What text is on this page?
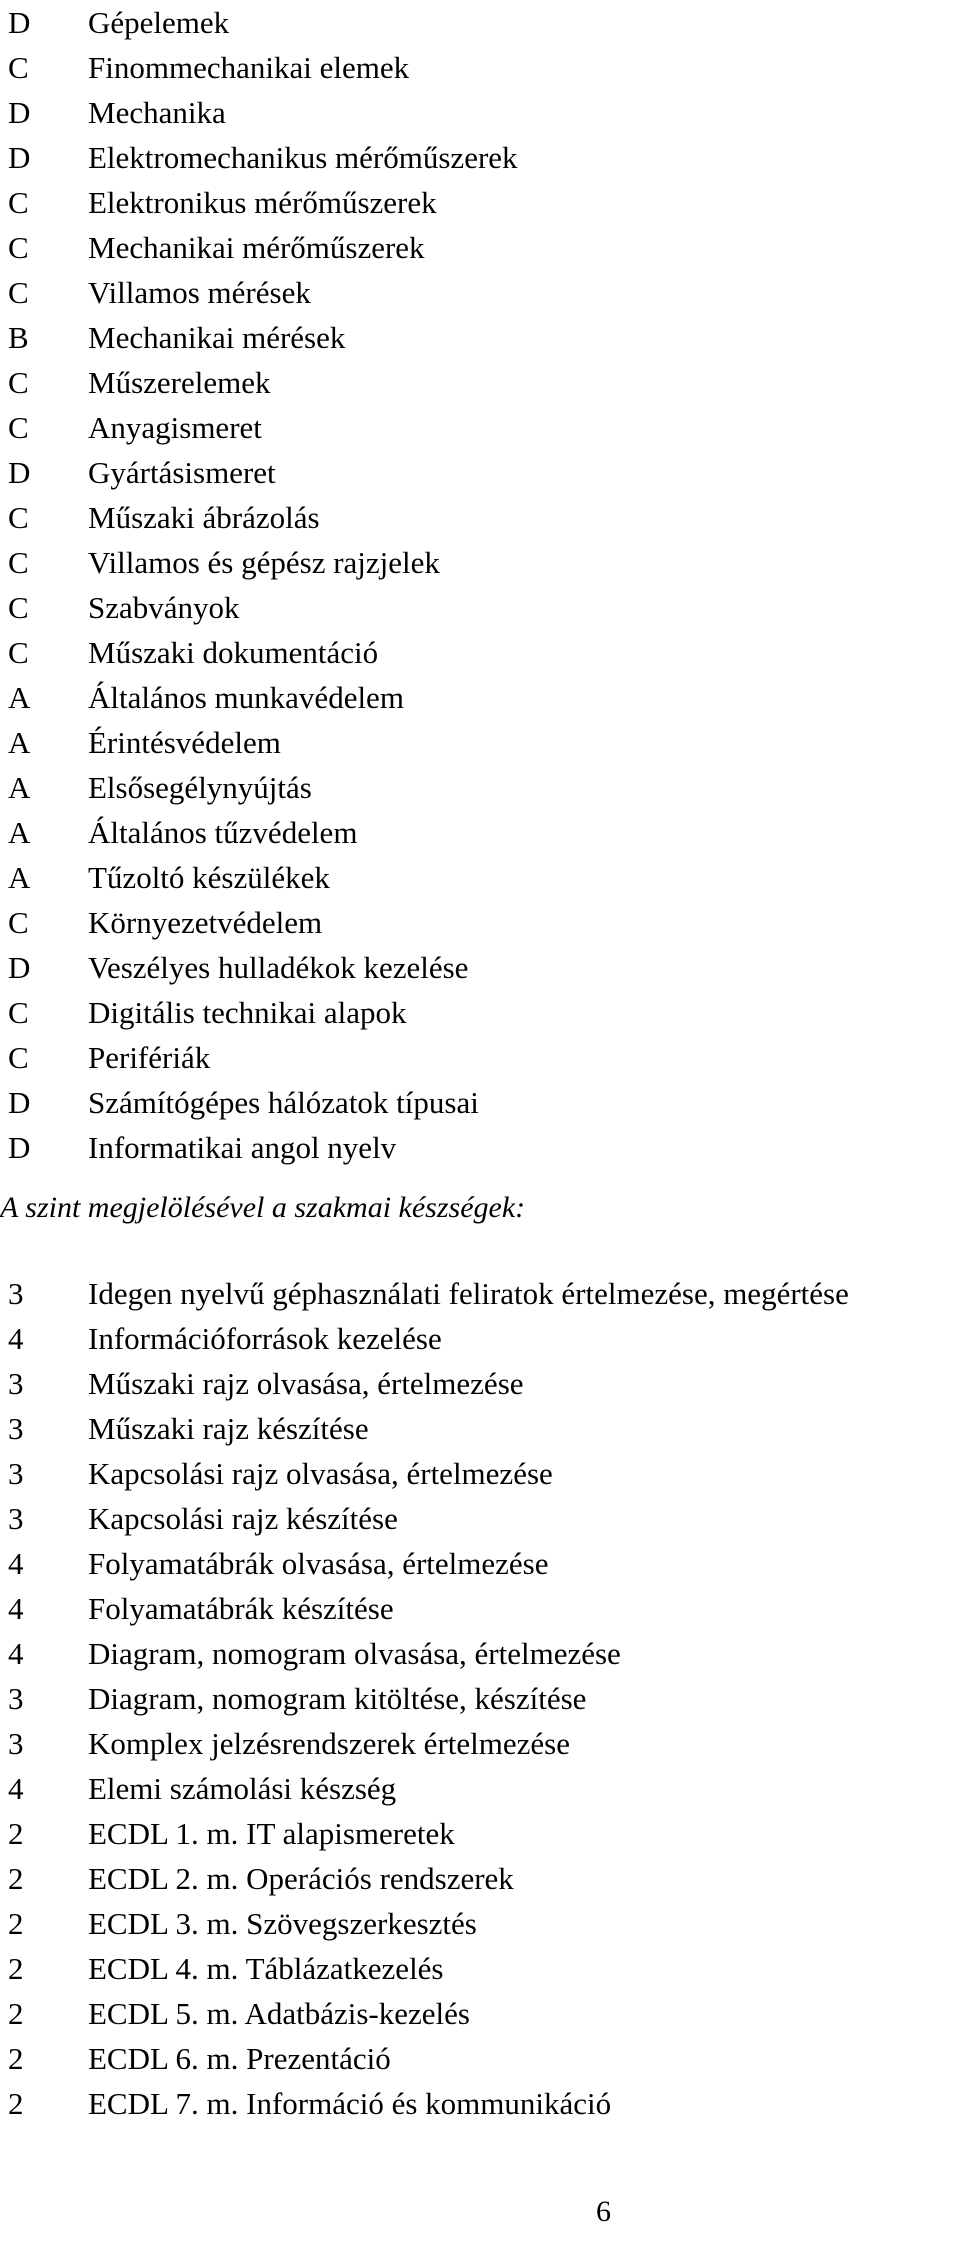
D	Gépelemek
C	Finommechanikai elemek
D	Mechanika
D	Elektromechanikus mérőműszerek
C	Elektronikus mérőműszerek
C	Mechanikai mérőműszerek
C	Villamos mérések
B	Mechanikai mérések
C	Műszerelemek
C	Anyagismeret
D	Gyártásismeret
C	Műszaki ábrázolás
C	Villamos és gépész rajzjelek
C	Szabványok
C	Műszaki dokumentáció
A	Általános munkavédelem
A	Érintésvédelem
A	Elsősegélynyújtás
A	Általános tűzvédelem
A	Tűzoltó készülékek
C	Környezetvédelem
D	Veszélyes hulladékok kezelése
C	Digitális technikai alapok
C	Perifériák
D	Számítógépes hálózatok típusai
D	Informatikai angol nyelv
A szint megjelölésével a szakmai készségek:
3	Idegen nyelvű géphasználati feliratok értelmezése, megértése
4	Információforrások kezelése
3	Műszaki rajz olvasása, értelmezése
3	Műszaki rajz készítése
3	Kapcsolási rajz olvasása, értelmezése
3	Kapcsolási rajz készítése
4	Folyamatábrák olvasása, értelmezése
4	Folyamatábrák készítése
4	Diagram, nomogram olvasása, értelmezése
3	Diagram, nomogram kitöltése, készítése
3	Komplex jelzésrendszerek értelmezése
4	Elemi számolási készség
2	ECDL 1. m. IT alapismeretek
2	ECDL 2. m. Operációs rendszerek
2	ECDL 3. m. Szövegszerkesztés
2	ECDL 4. m. Táblázatkezelés
2	ECDL 5. m. Adatbázis-kezelés
2	ECDL 6. m. Prezentáció
2	ECDL 7. m. Információ és kommunikáció
6
